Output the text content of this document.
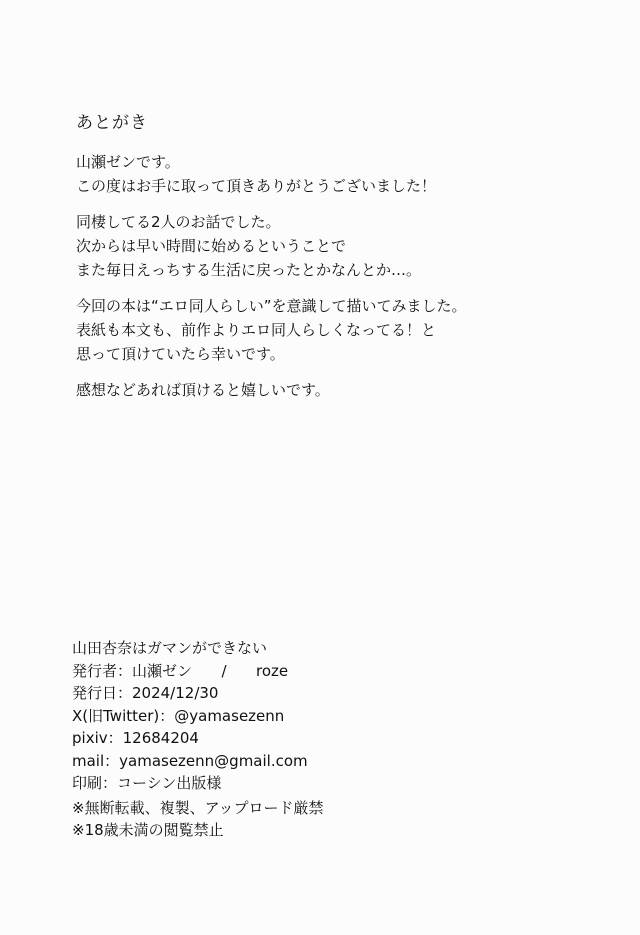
あとがき
山瀬ゼンです。
この度はお手に取って頂きありがとうございました！
同棲してる2人のお話でした。
次からは早い時間に始めるということで
また毎日えっちする生活に戻ったとかなんとか…。
今回の本は“エロ同人らしい”を意識して描いてみました。
表紙も本文も、前作よりエロ同人らしくなってる！と
思って頂けていたら幸いです。
感想などあれば頂けると嬉しいです。
山田杏奈はガマンができない
発行者：山瀬ゼン / roze
発行日：2024/12/30
X(旧Twitter)：@yamasezenn
pixiv：12684204
mail：yamasezenn@gmail.com
印刷：コーシン出版様
※無断転載、複製、アップロード厳禁
※18歳未満の閲覧禁止
